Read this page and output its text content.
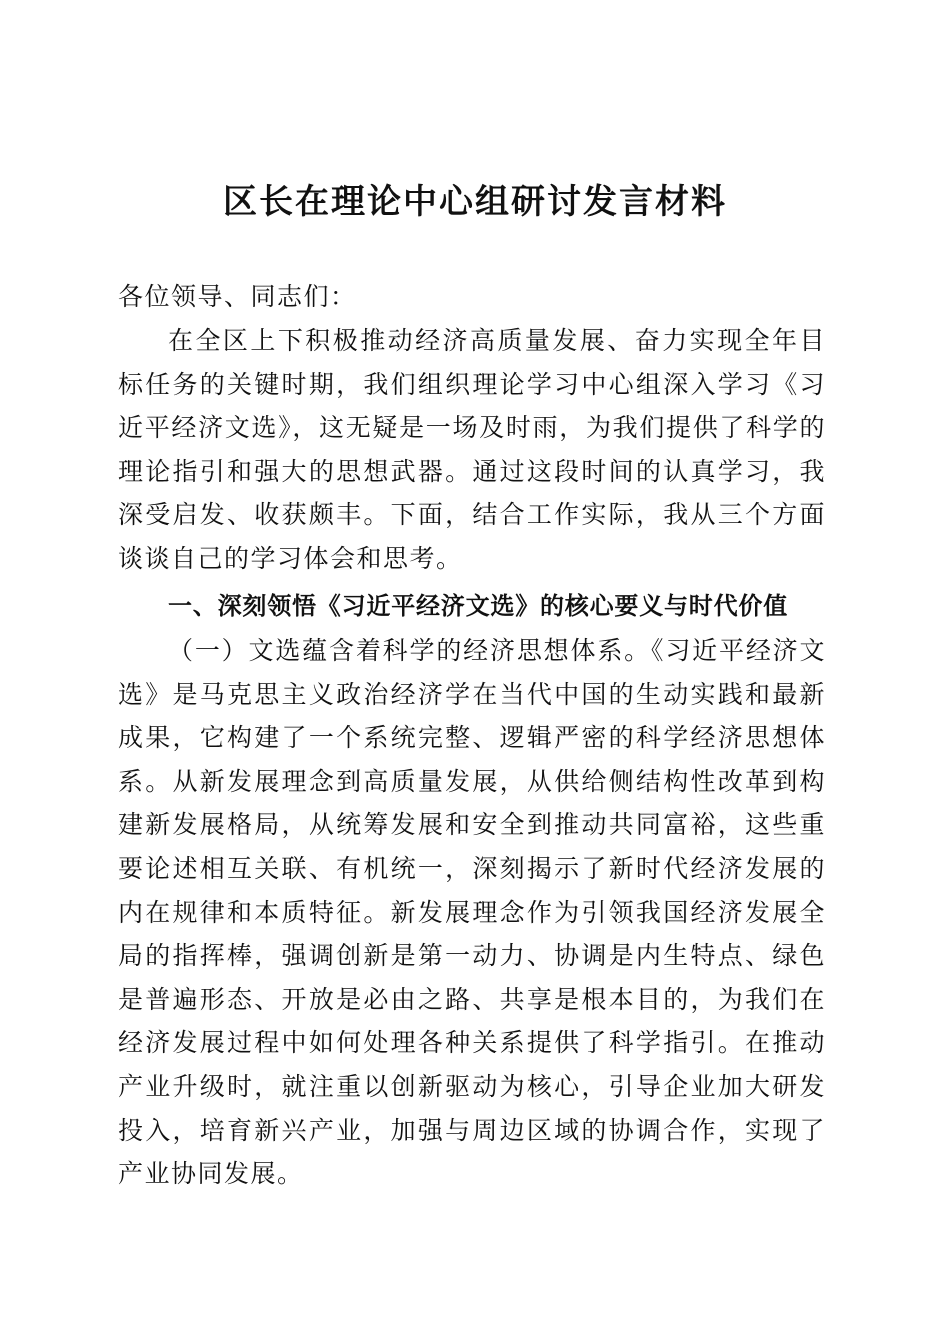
区长在理论中心组研讨发言材料
各位领导、同志们：

在全区上下积极推动经济高质量发展、奋力实现全年目标任务的关键时期，我们组织理论学习中心组深入学习《习近平经济文选》，这无疑是一场及时雨，为我们提供了科学的理论指引和强大的思想武器。通过这段时间的认真学习，我深受启发、收获颇丰。下面，结合工作实际，我从三个方面谈谈自己的学习体会和思考。

一、深刻领悟《习近平经济文选》的核心要义与时代价值

（一）文选蕴含着科学的经济思想体系。《习近平经济文选》是马克思主义政治经济学在当代中国的生动实践和最新成果，它构建了一个系统完整、逻辑严密的科学经济思想体系。从新发展理念到高质量发展，从供给侧结构性改革到构建新发展格局，从统筹发展和安全到推动共同富裕，这些重要论述相互关联、有机统一，深刻揭示了新时代经济发展的内在规律和本质特征。新发展理念作为引领我国经济发展全局的指挥棒，强调创新是第一动力、协调是内生特点、绿色是普遍形态、开放是必由之路、共享是根本目的，为我们在经济发展过程中如何处理各种关系提供了科学指引。在推动产业升级时，就注重以创新驱动为核心，引导企业加大研发投入，培育新兴产业，加强与周边区域的协调合作，实现了产业协同发展。
